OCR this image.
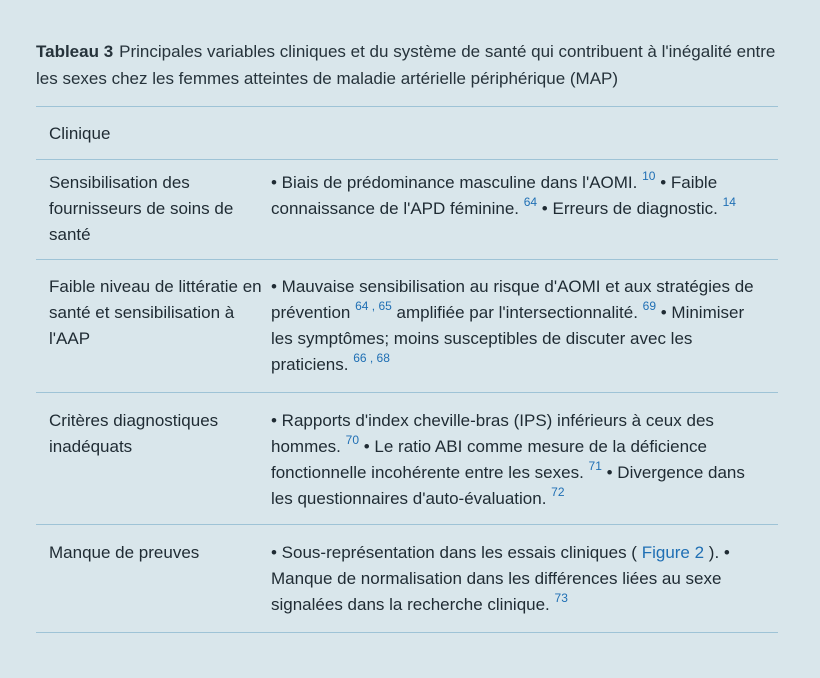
Tableau 3 Principales variables cliniques et du système de santé qui contribuent à l'inégalité entre les sexes chez les femmes atteintes de maladie artérielle périphérique (MAP)

Clinique	
Sensibilisation des fournisseurs de soins de santé	• Biais de prédominance masculine dans l'AOMI. $^{10}$ • Faible connaissance de l'APD féminine. $^{64}$ • Erreurs de diagnostic. $^{14}$
Faible niveau de littératie en santé et sensibilisation à l'AAP	• Mauvaise sensibilisation au risque d'AOMI et aux stratégies de prévention $^{64 , 65}$ amplifiée par l'intersectionnalité. $^{69}$ • Minimiser les symptômes; moins susceptibles de discuter avec les praticiens. $^{66 , 68}$
Critères diagnostiques inadéquats	• Rapports d'index cheville-bras (IPS) inférieurs à ceux des hommes. $^{70}$ • Le ratio ABI comme mesure de la déficience fonctionnelle incohérente entre les sexes. $^{71}$ • Divergence dans les questionnaires d'auto-évaluation. $^{72}$
Manque de preuves	• Sous-représentation dans les essais cliniques ( Figure 2 ). • Manque de normalisation dans les différences liées au sexe signalées dans la recherche clinique. $^{73}$
